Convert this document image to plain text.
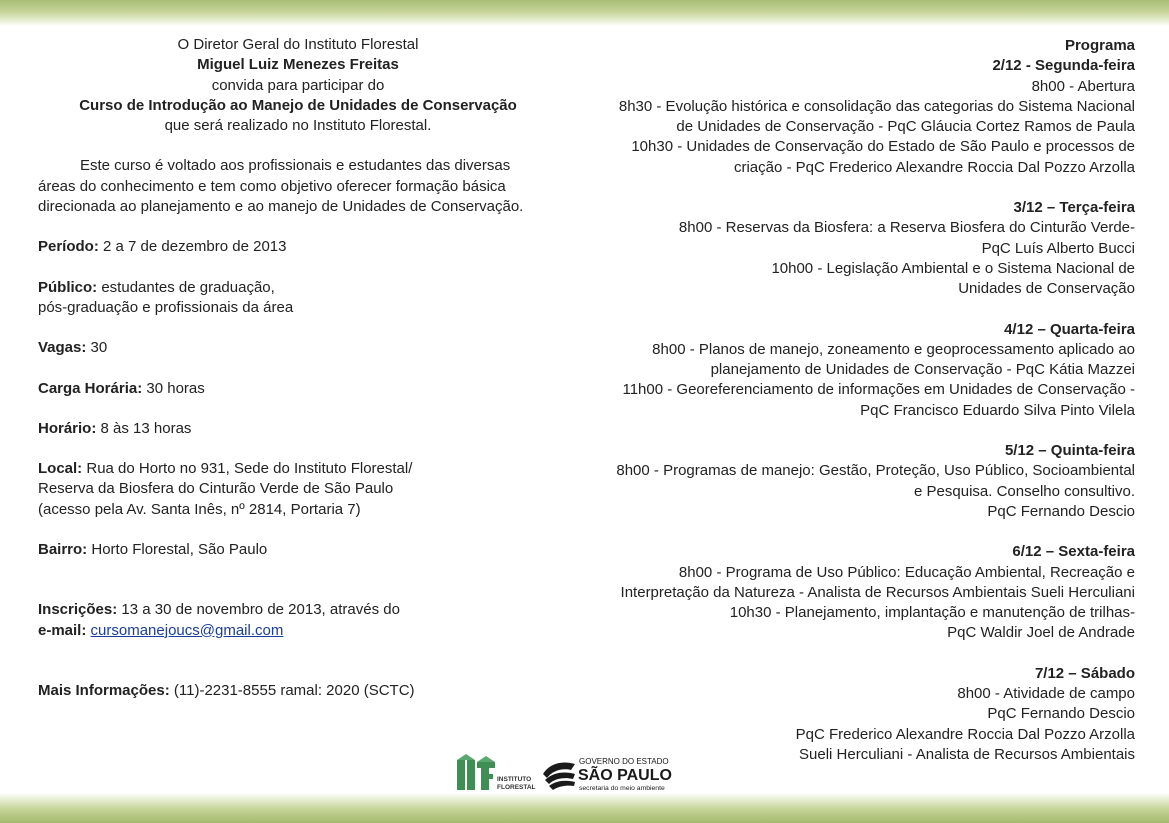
O Diretor Geral do Instituto Florestal
Miguel Luiz Menezes Freitas
convida para participar do
Curso de Introdução ao Manejo de Unidades de Conservação
que será realizado no Instituto Florestal.

Este curso é voltado aos profissionais e estudantes das diversas

áreas do conhecimento e tem como objetivo oferecer formação básica
direcionada ao planejamento e ao manejo de Unidades de Conservação.
Período: 2 a 7 de dezembro de 2013
Público: estudantes de graduação,
pós-graduação e profissionais da área
Vagas: 30
Carga Horária: 30 horas
Horário: 8 às 13 horas
Local: Rua do Horto no 931, Sede do Instituto Florestal/
Reserva da Biosfera do Cinturão Verde de São Paulo
(acesso pela Av. Santa Inês, nº 2814, Portaria 7)
Bairro: Horto Florestal, São Paulo
Inscrições: 13 a 30 de novembro de 2013, através do
e-mail: cursomanejoucs@gmail.com
Mais Informações: (11)-2231-8555 ramal: 2020 (SCTC)
Programa
2/12 - Segunda-feira
8h00 - Abertura
8h30 - Evolução histórica e consolidação das categorias do Sistema Nacional
de Unidades de Conservação - PqC Gláucia Cortez Ramos de Paula
10h30 - Unidades de Conservação do Estado de São Paulo e processos de
criação - PqC Frederico Alexandre Roccia Dal Pozzo Arzolla
3/12 – Terça-feira
8h00 - Reservas da Biosfera: a Reserva Biosfera do Cinturão Verde-
PqC Luís Alberto Bucci
10h00 - Legislação Ambiental e o Sistema Nacional de
Unidades de Conservação
4/12 – Quarta-feira
8h00 - Planos de manejo, zoneamento e geoprocessamento aplicado ao
planejamento de Unidades de Conservação - PqC Kátia Mazzei
11h00 - Georeferenciamento de informações em Unidades de Conservação -
PqC Francisco Eduardo Silva Pinto Vilela
5/12 – Quinta-feira
8h00 - Programas de manejo: Gestão, Proteção, Uso Público, Socioambiental
e Pesquisa. Conselho consultivo.
PqC Fernando Descio
6/12 – Sexta-feira
8h00 - Programa de Uso Público: Educação Ambiental, Recreação e
Interpretação da Natureza - Analista de Recursos Ambientais Sueli Herculiani
10h30 - Planejamento, implantação e manutenção de trilhas-
PqC Waldir Joel de Andrade
7/12 – Sábado
8h00 - Atividade de campo
PqC Fernando Descio
PqC Frederico Alexandre Roccia Dal Pozzo Arzolla
Sueli Herculiani - Analista de Recursos Ambientais
INSTITUTO
FLORESTAL
GOVERNO DO ESTADO
SÃO PAULO
secretaria do meio ambiente
